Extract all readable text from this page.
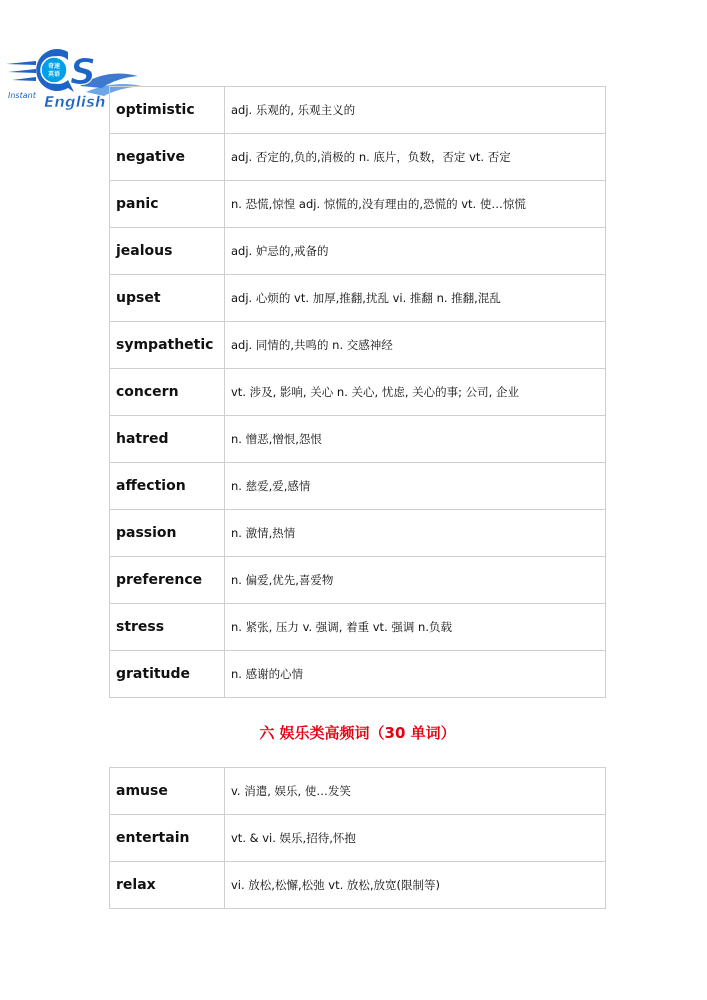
S
奇速
英语
Instant English optimistic	adj. 乐观的, 乐观主义的
negative	adj. 否定的,负的,消极的 n. 底片，负数，否定 vt. 否定
panic	n. 恐慌,惊惶 adj. 惊慌的,没有理由的,恐慌的 vt. 使…惊慌
jealous	adj. 妒忌的,戒备的
upset	adj. 心烦的 vt. 加厚,推翻,扰乱 vi. 推翻 n. 推翻,混乱
sympathetic	adj. 同情的,共鸣的 n. 交感神经
concern	vt. 涉及, 影响, 关心 n. 关心, 忧虑, 关心的事; 公司, 企业
hatred	n. 憎恶,憎恨,怨恨
affection	n. 慈爱,爱,感情
passion	n. 激情,热情
preference	n. 偏爱,优先,喜爱物
stress	n. 紧张, 压力 v. 强调, 着重 vt. 强调 n.负载
gratitude	n. 感谢的心情
六 娱乐类高频词（30 单词）
amuse	v. 消遣, 娱乐, 使…发笑
entertain	vt. & vi. 娱乐,招待,怀抱
relax	vi. 放松,松懈,松弛 vt. 放松,放宽(限制等)
